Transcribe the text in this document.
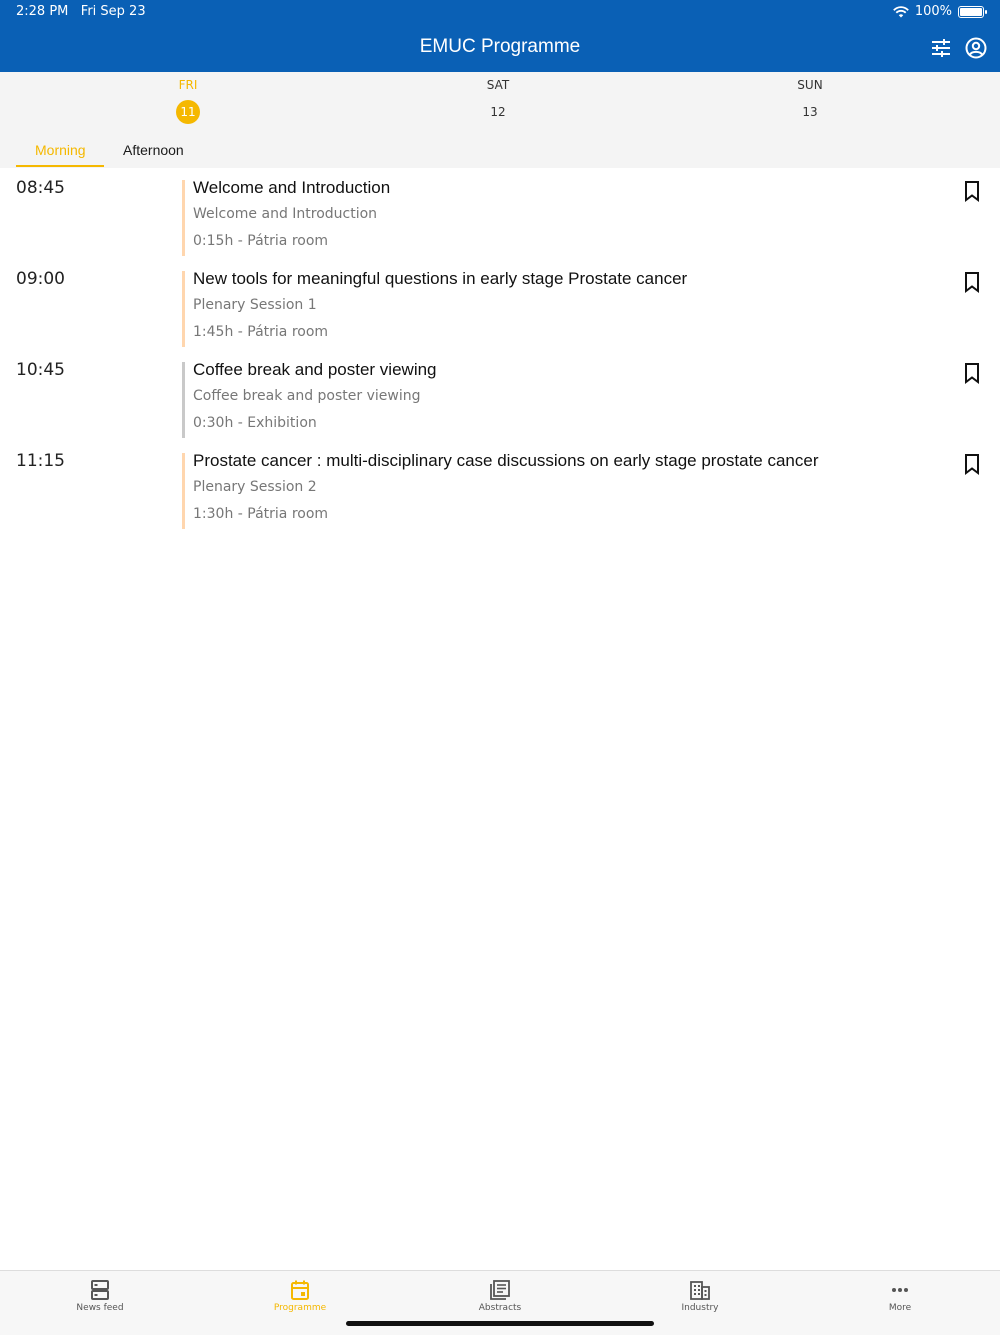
2:28 PM Fri Sep 23	100%
EMUC Programme
FRI
11
SAT
12
SUN
13
Morning	Afternoon
08:45	Welcome and Introduction
Welcome and Introduction
0:15h - Pátria room
09:00	New tools for meaningful questions in early stage Prostate cancer
Plenary Session 1
1:45h - Pátria room
10:45	Coffee break and poster viewing
Coffee break and poster viewing
0:30h - Exhibition
11:15	Prostate cancer : multi-disciplinary case discussions on early stage prostate cancer
Plenary Session 2
1:30h - Pátria room
News feed	Programme	Abstracts	Industry	More
